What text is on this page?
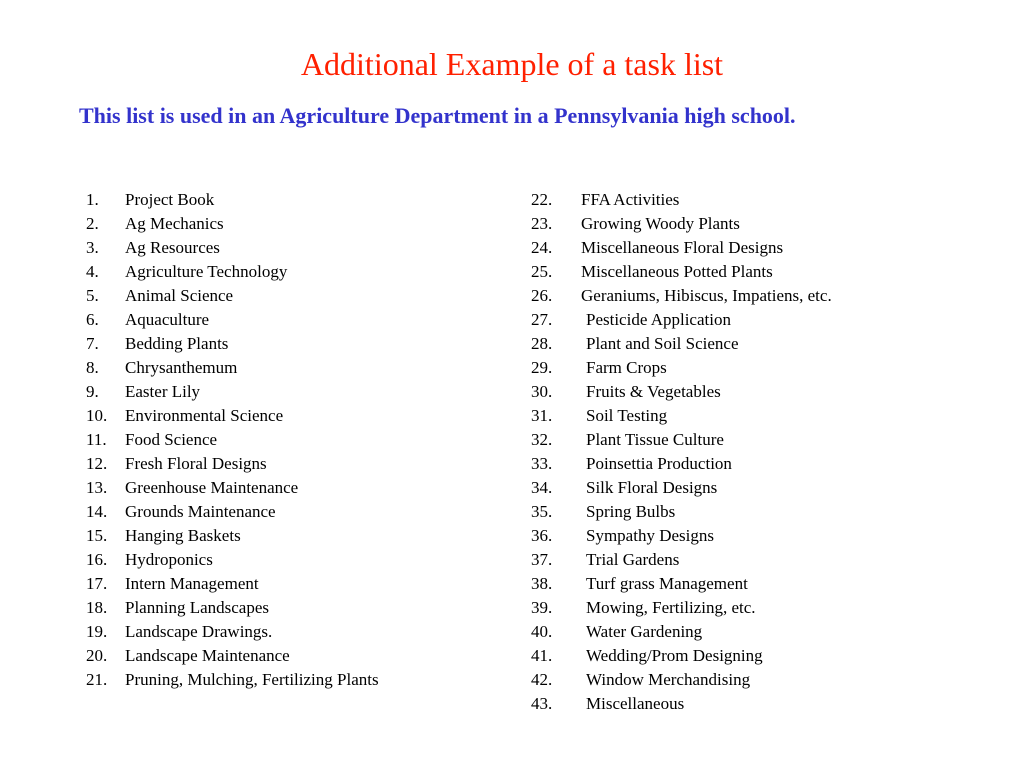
Additional Example of a task list
This list is used in an Agriculture Department in a Pennsylvania high school.
1. Project Book
2. Ag Mechanics
3. Ag Resources
4. Agriculture Technology
5. Animal Science
6. Aquaculture
7. Bedding Plants
8. Chrysanthemum
9. Easter Lily
10. Environmental Science
11. Food Science
12. Fresh Floral Designs
13. Greenhouse Maintenance
14. Grounds Maintenance
15. Hanging Baskets
16. Hydroponics
17. Intern Management
18. Planning Landscapes
19. Landscape Drawings.
20. Landscape Maintenance
21. Pruning, Mulching, Fertilizing Plants
22. FFA Activities
23. Growing Woody Plants
24. Miscellaneous Floral Designs
25. Miscellaneous Potted Plants
26. Geraniums, Hibiscus, Impatiens, etc.
27. Pesticide Application
28. Plant and Soil Science
29. Farm Crops
30. Fruits & Vegetables
31. Soil Testing
32. Plant Tissue Culture
33. Poinsettia Production
34. Silk Floral Designs
35. Spring Bulbs
36. Sympathy Designs
37. Trial Gardens
38. Turf grass Management
39. Mowing, Fertilizing, etc.
40. Water Gardening
41. Wedding/Prom Designing
42. Window Merchandising
43. Miscellaneous
